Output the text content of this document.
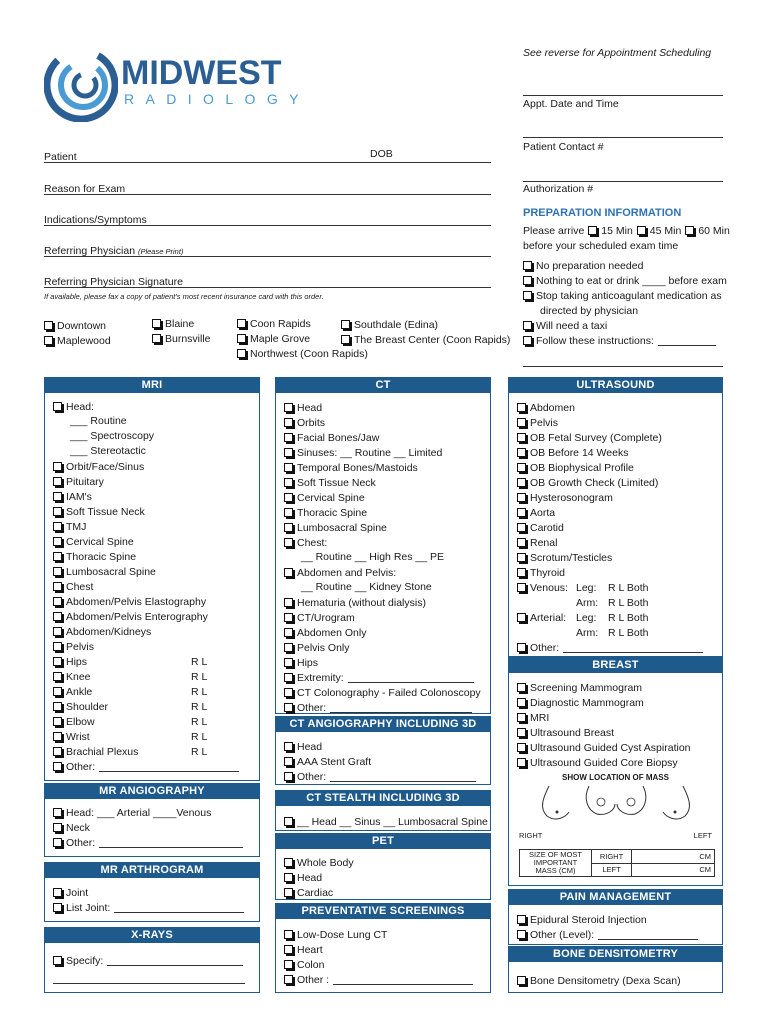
MIDWEST
RADIOLOGY
See reverse for Appointment Scheduling
Appt. Date and Time
Patient Contact #
Authorization #
Patient	DOB
Reason for Exam
Indications/Symptoms
Referring Physician (Please Print)
Referring Physician Signature
If available, please fax a copy of patient's most recent insurance card with this order.
Downtown
Maplewood
Blaine
Burnsville
Coon Rapids
Maple Grove
Northwest (Coon Rapids)
Southdale (Edina)
The Breast Center (Coon Rapids)
PREPARATION INFORMATION
Please arrive 15 Min 45 Min 60 Min
before your scheduled exam time
No preparation needed
Nothing to eat or drink ____ before exam
Stop taking anticoagulant medication as
directed by physician
Will need a taxi
Follow these instructions:
MRI
Head:
___ Routine
___ Spectroscopy
___ Stereotactic
Orbit/Face/Sinus
Pituitary
IAM's
Soft Tissue Neck
TMJ
Cervical Spine
Thoracic Spine
Lumbosacral Spine
Chest
Abdomen/Pelvis Elastography
Abdomen/Pelvis Enterography
Abdomen/Kidneys
Pelvis
Hips	R L
Knee	R L
Ankle	R L
Shoulder	R L
Elbow	R L
Wrist	R L
Brachial Plexus	R L
Other:
MR ANGIOGRAPHY
Head: ___ Arterial ____Venous
Neck
Other:
MR ARTHROGRAM
Joint
List Joint:
X-RAYS
Specify:
CT
Head
Orbits
Facial Bones/Jaw
Sinuses: __ Routine __ Limited
Temporal Bones/Mastoids
Soft Tissue Neck
Cervical Spine
Thoracic Spine
Lumbosacral Spine
Chest:
__ Routine __ High Res __ PE
Abdomen and Pelvis:
__ Routine __ Kidney Stone
Hematuria (without dialysis)
CT/Urogram
Abdomen Only
Pelvis Only
Hips
Extremity:
CT Colonography - Failed Colonoscopy
Other:
CT ANGIOGRAPHY INCLUDING 3D
Head
AAA Stent Graft
Other:
CT STEALTH INCLUDING 3D
__ Head __ Sinus __ Lumbosacral Spine
PET
Whole Body
Head
Cardiac
PREVENTATIVE SCREENINGS
Low-Dose Lung CT
Heart
Colon
Other :
ULTRASOUND
Abdomen
Pelvis
OB Fetal Survey (Complete)
OB Before 14 Weeks
OB Biophysical Profile
OB Growth Check (Limited)
Hysterosonogram
Aorta
Carotid
Renal
Scrotum/Testicles
Thyroid
Venous: Leg: R L Both
Arm: R L Both
Arterial: Leg: R L Both
Arm: R L Both
Other:
BREAST
Screening Mammogram
Diagnostic Mammogram
MRI
Ultrasound Breast
Ultrasound Guided Cyst Aspiration
Ultrasound Guided Core Biopsy
SHOW LOCATION OF MASS
RIGHT	LEFT
SIZE OF MOST IMPORTANT MASS (CM)	RIGHT	CM
	LEFT	CM
PAIN MANAGEMENT
Epidural Steroid Injection
Other (Level):
BONE DENSITOMETRY
Bone Densitometry (Dexa Scan)
